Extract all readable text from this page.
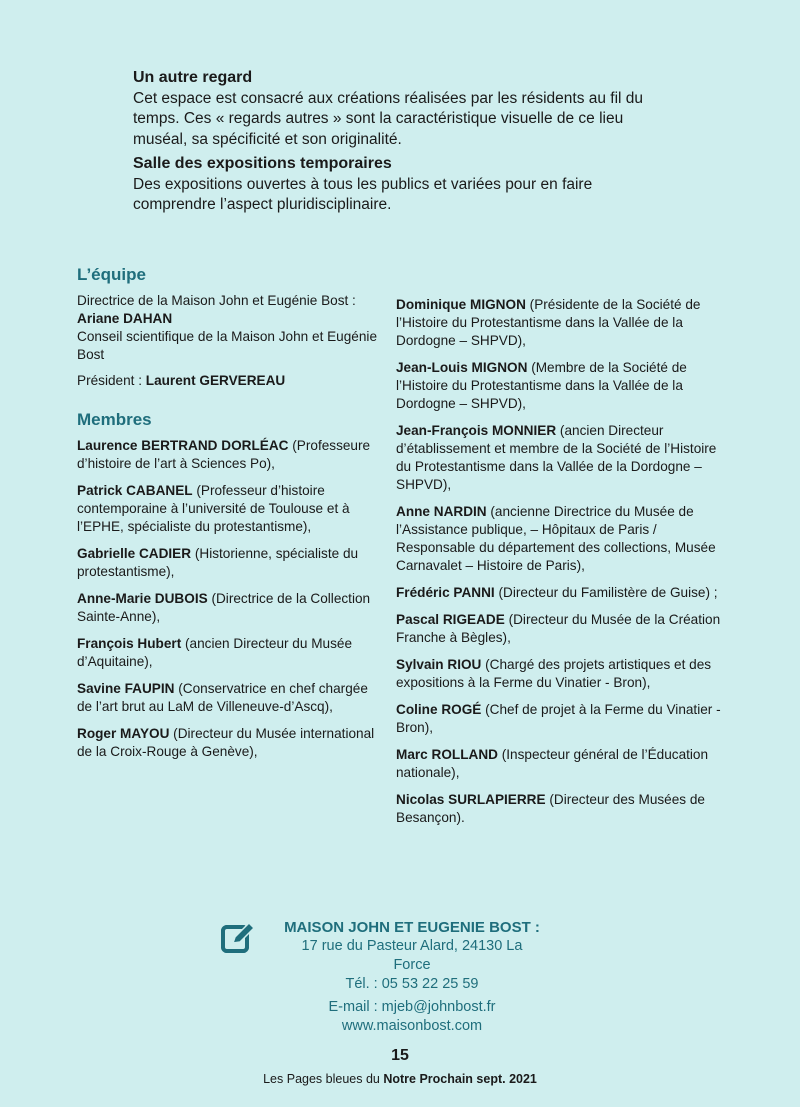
Un autre regard
Cet espace est consacré aux créations réalisées par les résidents au fil du temps. Ces « regards autres » sont la caractéristique visuelle de ce lieu muséal, sa spécificité et son originalité.

Salle des expositions temporaires
Des expositions ouvertes à tous les publics et variées pour en faire comprendre l’aspect pluridisciplinaire.

L’équipe
Directrice de la Maison John et Eugénie Bost : Ariane DAHAN
Conseil scientifique de la Maison John et Eugénie Bost
Président : Laurent GERVEREAU
Membres
Laurence BERTRAND DORLÉAC (Professeure d’histoire de l’art à Sciences Po),
Patrick CABANEL (Professeur d’histoire contemporaine à l’université de Toulouse et à l’EPHE, spécialiste du protestantisme),
Gabrielle CADIER (Historienne, spécialiste du protestantisme),
Anne-Marie DUBOIS (Directrice de la Collection Sainte-Anne),
François Hubert (ancien Directeur du Musée d’Aquitaine),
Savine FAUPIN (Conservatrice en chef chargée de l’art brut au LaM de Villeneuve-d’Ascq),
Roger MAYOU (Directeur du Musée international de la Croix-Rouge à Genève),
Dominique MIGNON (Présidente de la Société de l’Histoire du Protestantisme dans la Vallée de la Dordogne – SHPVD),
Jean-Louis MIGNON (Membre de la Société de l’Histoire du Protestantisme dans la Vallée de la Dordogne – SHPVD),
Jean-François MONNIER (ancien Directeur d’établissement et membre de la Société de l’Histoire du Protestantisme dans la Vallée de la Dordogne – SHPVD),
Anne NARDIN (ancienne Directrice du Musée de l’Assistance publique, – Hôpitaux de Paris / Responsable du département des collections, Musée Carnavalet – Histoire de Paris),
Frédéric PANNI (Directeur du Familistère de Guise) ;
Pascal RIGEADE (Directeur du Musée de la Création Franche à Bègles),
Sylvain RIOU (Chargé des projets artistiques et des expositions à la Ferme du Vinatier - Bron),
Coline ROGÉ (Chef de projet à la Ferme du Vinatier - Bron),
Marc ROLLAND (Inspecteur général de l’Éducation nationale),
Nicolas SURLAPIERRE (Directeur des Musées de Besançon).
MAISON JOHN ET EUGENIE BOST :
17 rue du Pasteur Alard, 24130 La Force
Tél. : 05 53 22 25 59
E-mail : mjeb@johnbost.fr
www.maisonbost.com
15
Les Pages bleues du Notre Prochain sept. 2021
